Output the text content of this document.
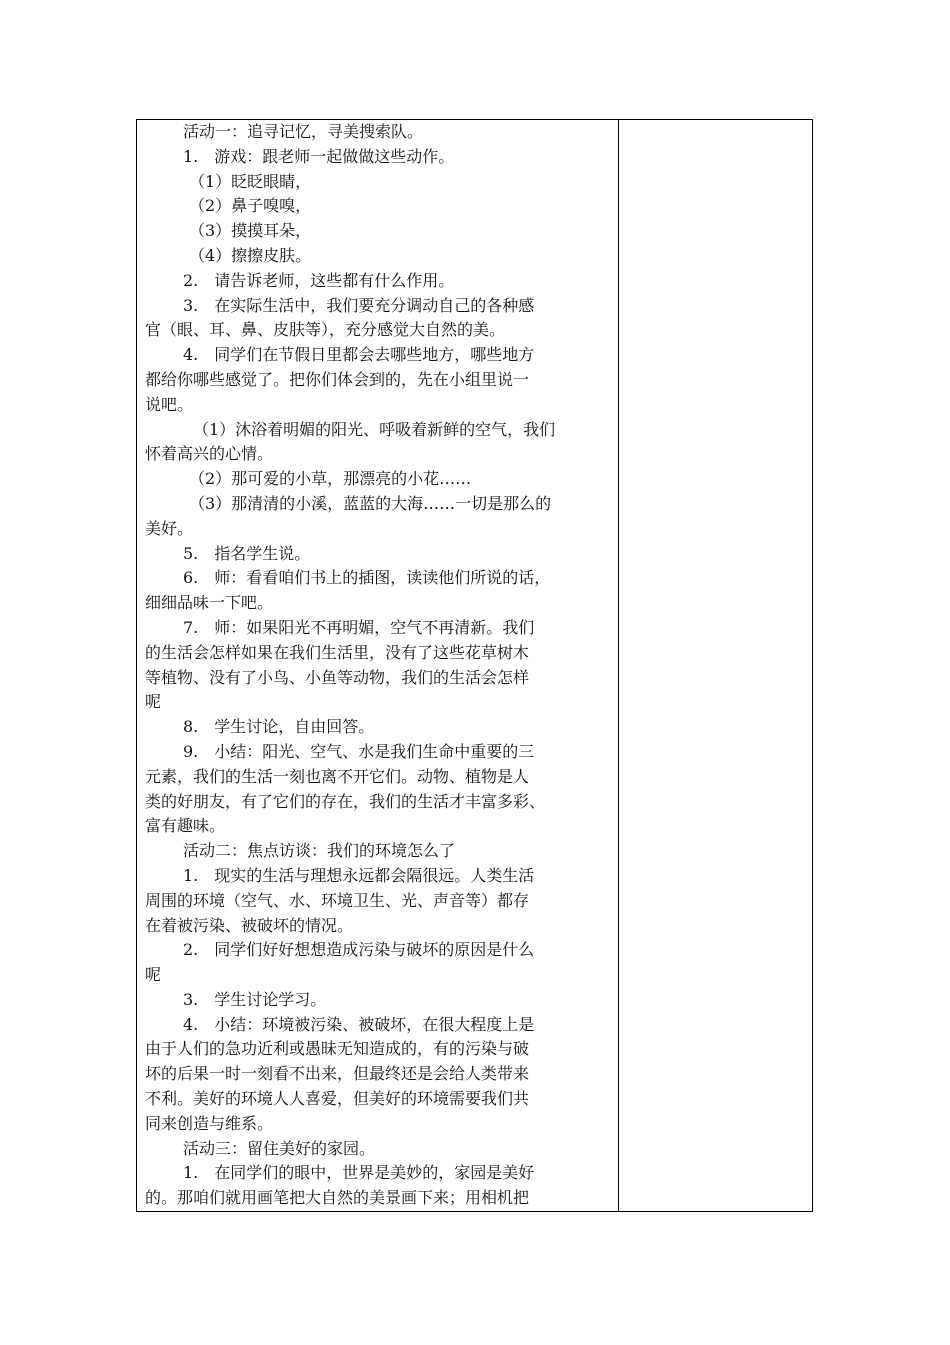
活动一：追寻记忆，寻美搜索队。
1.　游戏：跟老师一起做做这些动作。
（1）眨眨眼睛，
（2）鼻子嗅嗅，
（3）摸摸耳朵，
（4）擦擦皮肤。
2.　请告诉老师，这些都有什么作用。
3.　在实际生活中，我们要充分调动自己的各种感
官（眼、耳、鼻、皮肤等），充分感觉大自然的美。
4.　同学们在节假日里都会去哪些地方，哪些地方
都给你哪些感觉了。把你们体会到的，先在小组里说一
说吧。
（1）沐浴着明媚的阳光、呼吸着新鲜的空气，我们
怀着高兴的心情。
（2）那可爱的小草，那漂亮的小花……
（3）那清清的小溪，蓝蓝的大海……一切是那么的
美好。
5.　指名学生说。
6.　师：看看咱们书上的插图，读读他们所说的话，
细细品味一下吧。
7.　师：如果阳光不再明媚，空气不再清新。我们
的生活会怎样如果在我们生活里，没有了这些花草树木
等植物、没有了小鸟、小鱼等动物，我们的生活会怎样
呢
8.　学生讨论，自由回答。
9.　小结：阳光、空气、水是我们生命中重要的三
元素，我们的生活一刻也离不开它们。动物、植物是人
类的好朋友，有了它们的存在，我们的生活才丰富多彩、
富有趣味。
活动二：焦点访谈：我们的环境怎么了
1.　现实的生活与理想永远都会隔很远。人类生活
周围的环境（空气、水、环境卫生、光、声音等）都存
在着被污染、被破坏的情况。
2.　同学们好好想想造成污染与破坏的原因是什么
呢
3.　学生讨论学习。
4.　小结：环境被污染、被破坏，在很大程度上是
由于人们的急功近利或愚昧无知造成的，有的污染与破
坏的后果一时一刻看不出来，但最终还是会给人类带来
不利。美好的环境人人喜爱，但美好的环境需要我们共
同来创造与维系。
活动三：留住美好的家园。
1.　在同学们的眼中，世界是美妙的，家园是美好
的。那咱们就用画笔把大自然的美景画下来；用相机把
